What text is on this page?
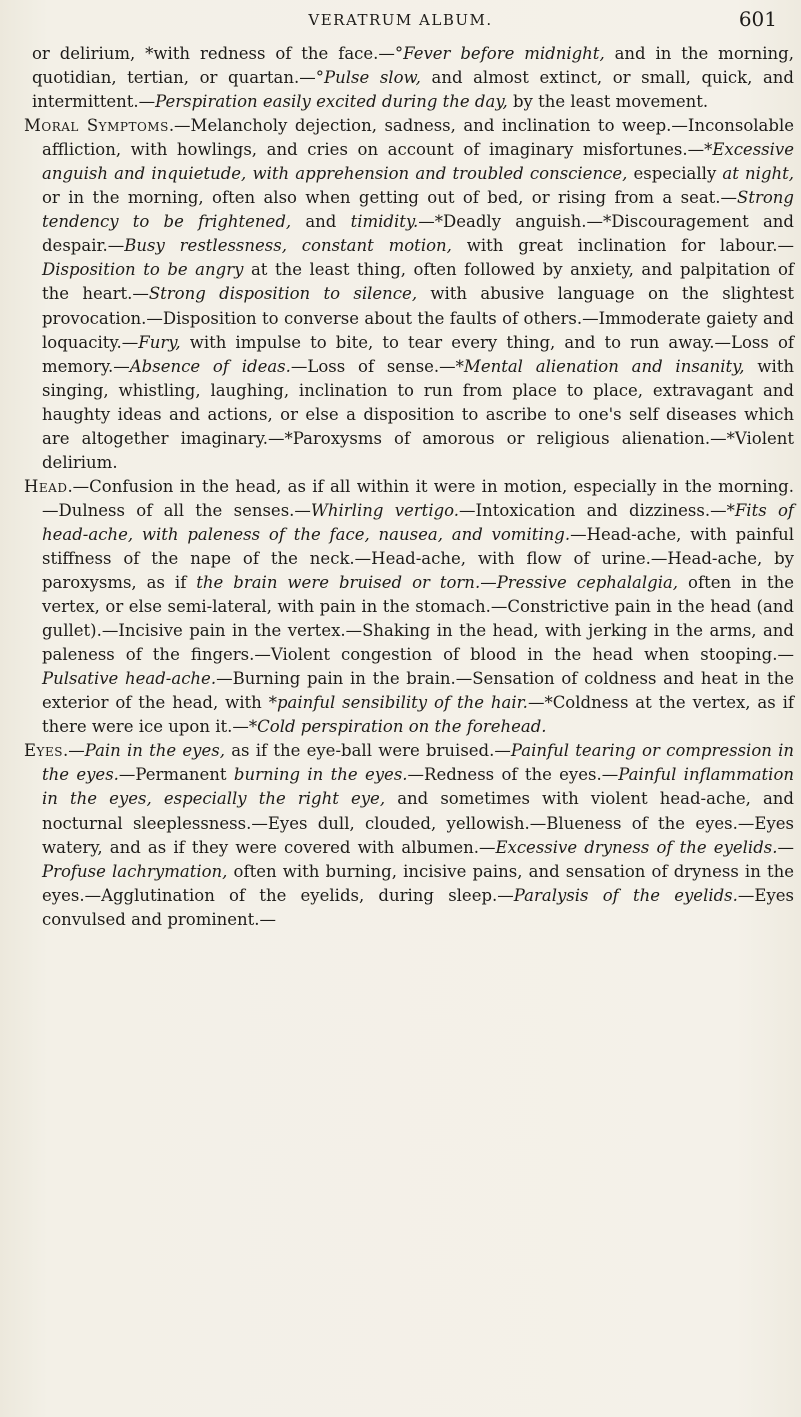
VERATRUM ALBUM.	601

or delirium, *with redness of the face.—°Fever before midnight, and in the morning, quotidian, tertian, or quartan.—°Pulse slow, and almost extinct, or small, quick, and intermittent.—Perspiration easily excited during the day, by the least movement.

Moral Symptoms.—Melancholy dejection, sadness, and inclination to weep.—Inconsolable affliction, with howlings, and cries on account of imaginary misfortunes.—*Excessive anguish and inquietude, with apprehension and troubled conscience, especially at night, or in the morning, often also when getting out of bed, or rising from a seat.—Strong tendency to be frightened, and timidity.—*Deadly anguish.—*Discouragement and despair.—Busy restlessness, constant motion, with great inclination for labour.—Disposition to be angry at the least thing, often followed by anxiety, and palpitation of the heart.—Strong disposition to silence, with abusive language on the slightest provocation.—Disposition to converse about the faults of others.—Immoderate gaiety and loquacity.—Fury, with impulse to bite, to tear every thing, and to run away.—Loss of memory.—Absence of ideas.—Loss of sense.—*Mental alienation and insanity, with singing, whistling, laughing, inclination to run from place to place, extravagant and haughty ideas and actions, or else a disposition to ascribe to one's self diseases which are altogether imaginary.—*Paroxysms of amorous or religious alienation.—*Violent delirium.

Head.—Confusion in the head, as if all within it were in motion, especially in the morning.—Dulness of all the senses.—Whirling vertigo.—Intoxication and dizziness.—*Fits of head-ache, with paleness of the face, nausea, and vomiting.—Head-ache, with painful stiffness of the nape of the neck.—Head-ache, with flow of urine.—Head-ache, by paroxysms, as if the brain were bruised or torn.—Pressive cephalalgia, often in the vertex, or else semi-lateral, with pain in the stomach.—Constrictive pain in the head (and gullet).—Incisive pain in the vertex.—Shaking in the head, with jerking in the arms, and paleness of the fingers.—Violent congestion of blood in the head when stooping.—Pulsative head-ache.—Burning pain in the brain.—Sensation of coldness and heat in the exterior of the head, with *painful sensibility of the hair.—*Coldness at the vertex, as if there were ice upon it.—*Cold perspiration on the forehead.

Eyes.—Pain in the eyes, as if the eye-ball were bruised.—Painful tearing or compression in the eyes.—Permanent burning in the eyes.—Redness of the eyes.—Painful inflammation in the eyes, especially the right eye, and sometimes with violent head-ache, and nocturnal sleeplessness.—Eyes dull, clouded, yellowish.—Blueness of the eyes.—Eyes watery, and as if they were covered with albumen.—Excessive dryness of the eyelids.—Profuse lachrymation, often with burning, incisive pains, and sensation of dryness in the eyes.—Agglutination of the eyelids, during sleep.—Paralysis of the eyelids.—Eyes convulsed and prominent.—
